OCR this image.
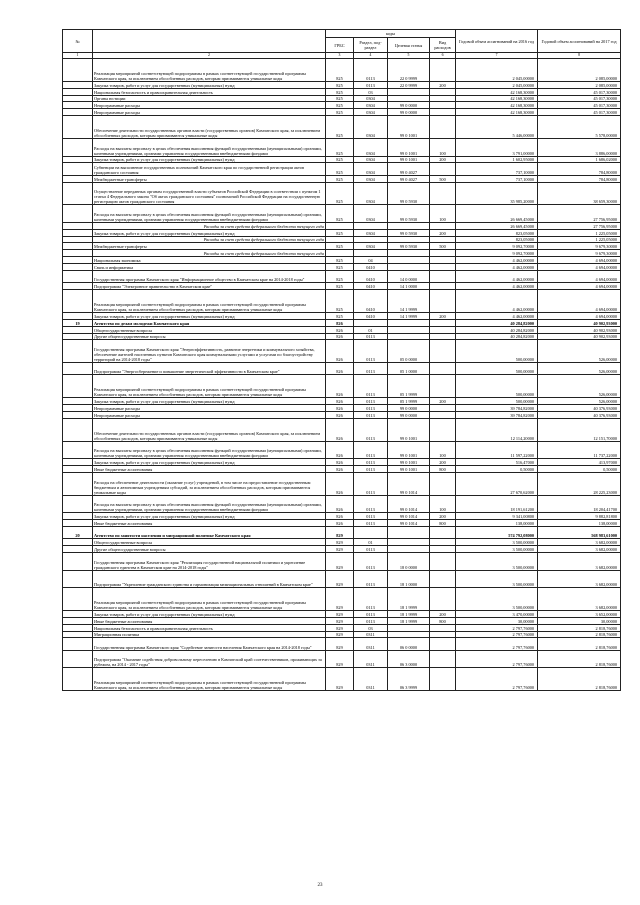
№		коды				Годовой объем ассигнований на 2016 год	Годовой объем ассигнований на 2017 год
		ГРБС	Раздел, под-раздел	Целевая статья	Вид расходов		
1	2	3	4	5	6	7	8
	Реализация мероприятий соответствующей подпрограммы в рамках соответствующей государственной программы Камчатского края, за исключением обособленных расходов, которым присваиваются уникальные коды	825	0113	22 0 9999		2 045,00000	2 085,00000
	Закупка товаров, работ и услуг для государственных (муниципальных) нужд	825	0113	22 0 9999	200	2 045,00000	2 085,00000
	Национальная безопасность и правоохранительная деятельность	825	03			42 168,30000	45 017,30000
	Органы юстиции	825	0304			42 168,30000	45 017,30000
	Непрограммные расходы	825	0304	99 0 0000		42 168,30000	45 017,30000
	Непрограммные расходы	825	0304	99 0 0000		42 168,30000	45 017,30000
	Обеспечение деятельности государственных органов власти (государственных органов) Камчатского края, за исключением обособленных расходов, которым присваиваются уникальные коды	825	0304	99 0 1001		5 446,00000	5 578,00000
	Расходы на выплаты персоналу в целях обеспечения выполнения функций государственными (муниципальными) органами, казенными учреждениями, органами управления государственными внебюджетными фондами	825	0304	99 0 1001	100	3 791,00000	3 886,00000
	Закупка товаров, работ и услуг для государственных (муниципальных) нужд	825	0304	99 0 1001	200	1 602,95000	1 686,02000
	Субвенции на выполнение государственных полномочий Камчатского края по государственной регистрации актов гражданского состояния	825	0304	99 0 4027		737,10000	784,80000
	Межбюджетные трансферты	825	0304	99 0 4027	500	737,10000	784,80000
	Осуществление переданных органам государственной власти субъектов Российской Федерации в соответствии с пунктом 1 статьи 4 Федерального закона "Об актах гражданского состояния" полномочий Российской Федерации на государственную регистрацию актов гражданского состояния	825	0304	99 0 5930		35 985,20000	38 659,30000
	Расходы на выплаты персоналу в целях обеспечения выполнения функций государственными (муниципальными) органами, казенными учреждениями, органами управления государственными внебюджетными фондами	825	0304	99 0 5930	100	26 669,45000	27 756,95000
	Расходы за счет средств федерального бюджета текущего года					26 669,45000	27 756,95000
	Закупка товаров, работ и услуг для государственных (муниципальных) нужд	825	0304	99 0 5930	200	823,05000	1 225,05000
	Расходы за счет средств федерального бюджета текущего года					823,05000	1 225,05000
	Межбюджетные трансферты	825	0304	99 0 5930	500	9 092,70000	9 679,30000
	Расходы за счет средств федерального бюджета текущего года					9 092,70000	9 679,30000
	Национальная экономика	825	04			4 462,00000	4 694,00000
	Связь и информатика	825	0410			4 462,00000	4 694,00000
	Государственная программа Камчатского края "Информационное общество в Камчатском крае на 2014-2018 годы"	825	0410	14 0 0000		4 462,00000	4 694,00000
	Подпрограмма "Электронное правительство в Камчатском крае"	825	0410	14 1 0000		4 462,00000	4 694,00000
	Реализация мероприятий соответствующей подпрограммы в рамках соответствующей государственной программы Камчатского края, за исключением обособленных расходов, которым присваиваются уникальные коды	825	0410	14 1 9999		4 462,00000	4 694,00000
	Закупка товаров, работ и услуг для государственных (муниципальных) нужд	825	0410	14 1 9999	200	4 462,00000	4 694,00000
19	Агентство по делам молодежи Камчатского края	826				40 284,82000	40 902,93000
	Общегосударственные вопросы	826	01			40 284,82000	40 902,93000
	Другие общегосударственные вопросы	826	0113			40 284,82000	40 902,93000
	Государственная программа Камчатского края "Энергоэффективность, развитие энергетики и коммунального хозяйства, обеспечение жителей населенных пунктов Камчатского края коммунальными услугами и услугами по благоустройству территорий на 2014-2018 годы"	826	0113	05 0 0000		500,00000	526,00000
	Подпрограмма "Энергосбережение и повышение энергетической эффективности в Камчатском крае"	826	0113	05 1 0000		500,00000	526,00000
	Реализация мероприятий соответствующей подпрограммы в рамках соответствующей государственной программы Камчатского края, за исключением обособленных расходов, которым присваиваются уникальные коды	826	0113	05 1 9999		500,00000	526,00000
	Закупка товаров, работ и услуг для государственных (муниципальных) нужд	826	0113	05 1 9999	200	500,00000	526,00000
	Непрограммные расходы	826	0113	99 0 0000		39 784,82000	40 376,93000
	Непрограммные расходы	826	0113	99 0 0000		39 784,82000	40 376,93000
	Обеспечение деятельности государственных органов власти (государственных органов) Камчатского края, за исключением обособленных расходов, которым присваиваются уникальные коды	826	0113	99 0 1001		12 114,20000	12 151,70000
	Расходы на выплаты персоналу в целях обеспечения выполнения функций государственными (муниципальными) органами, казенными учреждениями, органами управления государственными внебюджетными фондами	826	0113	99 0 1001	100	11 597,22000	11 737,22000
	Закупка товаров, работ и услуг для государственных (муниципальных) нужд	826	0113	99 0 1001	200	516,47000	413,97000
	Иные бюджетные ассигнования	826	0113	99 0 1001	800	0,50000	0,50000
	Расходы на обеспечение деятельности (оказание услуг) учреждений, в том числе на предоставление государственным бюджетным и автономным учреждениям субсидий, за исключением обособленных расходов, которым присваиваются уникальные коды	826	0113	99 0 1014		27 670,62000	28 225,23000
	Расходы на выплаты персоналу в целях обеспечения выполнения функций государственными (муниципальными) органами, казенными учреждениями, органами управления государственными внебюджетными фондами	826	0113	99 0 1014	100	18 191,61200	18 204,41700
	Закупка товаров, работ и услуг для государственных (муниципальных) нужд	826	0113	99 0 1014	200	9 341,00800	9 882,81800
	Иные бюджетные ассигнования	826	0113	99 0 1014	800	138,00000	138,00000
20	Агентство по занятости населения и миграционной политике Камчатского края	829				574 792,08000	568 983,61000
	Общегосударственные вопросы	829	01			3 500,00000	3 682,00000
	Другие общегосударственные вопросы	829	0113			3 500,00000	3 682,00000
	Государственная программа Камчатского края "Реализация государственной национальной политики и укрепление гражданского единства в Камчатском крае на 2014-2018 годы"	829	0113	18 0 0000		3 500,00000	3 682,00000
	Подпрограмма "Укрепление гражданского единства и гармонизация межнациональных отношений в Камчатском крае"	829	0113	18 1 0000		3 500,00000	3 682,00000
	Реализация мероприятий соответствующей подпрограммы в рамках соответствующей государственной программы Камчатского края, за исключением обособленных расходов, которым присваиваются уникальные коды	829	0113	18 1 9999		3 500,00000	3 682,00000
	Закупка товаров, работ и услуг для государственных (муниципальных) нужд	829	0113	18 1 9999	200	3 470,00000	3 652,00000
	Иные бюджетные ассигнования	829	0113	18 1 9999	800	30,00000	30,00000
	Национальная безопасность и правоохранительная деятельность	829	03			2 797,76000	2 818,76000
	Миграционная политика	829	0311			2 797,76000	2 818,76000
	Государственная программа Камчатского края "Содействие занятости населения Камчатского края на 2014-2018 годы"	829	0311	06 0 0000		2 797,76000	2 818,76000
	Подпрограмма "Оказание содействия добровольному переселению в Камчатский край соотечественников, проживающих за рубежом, на 2014 - 2017 годы"	829	0311	06 3 0000		2 797,76000	2 818,76000
	Реализация мероприятий соответствующей подпрограммы в рамках соответствующей государственной программы Камчатского края, за исключением обособленных расходов, которым присваиваются уникальные коды	829	0311	06 3 9999		2 797,76000	2 818,76000
23
